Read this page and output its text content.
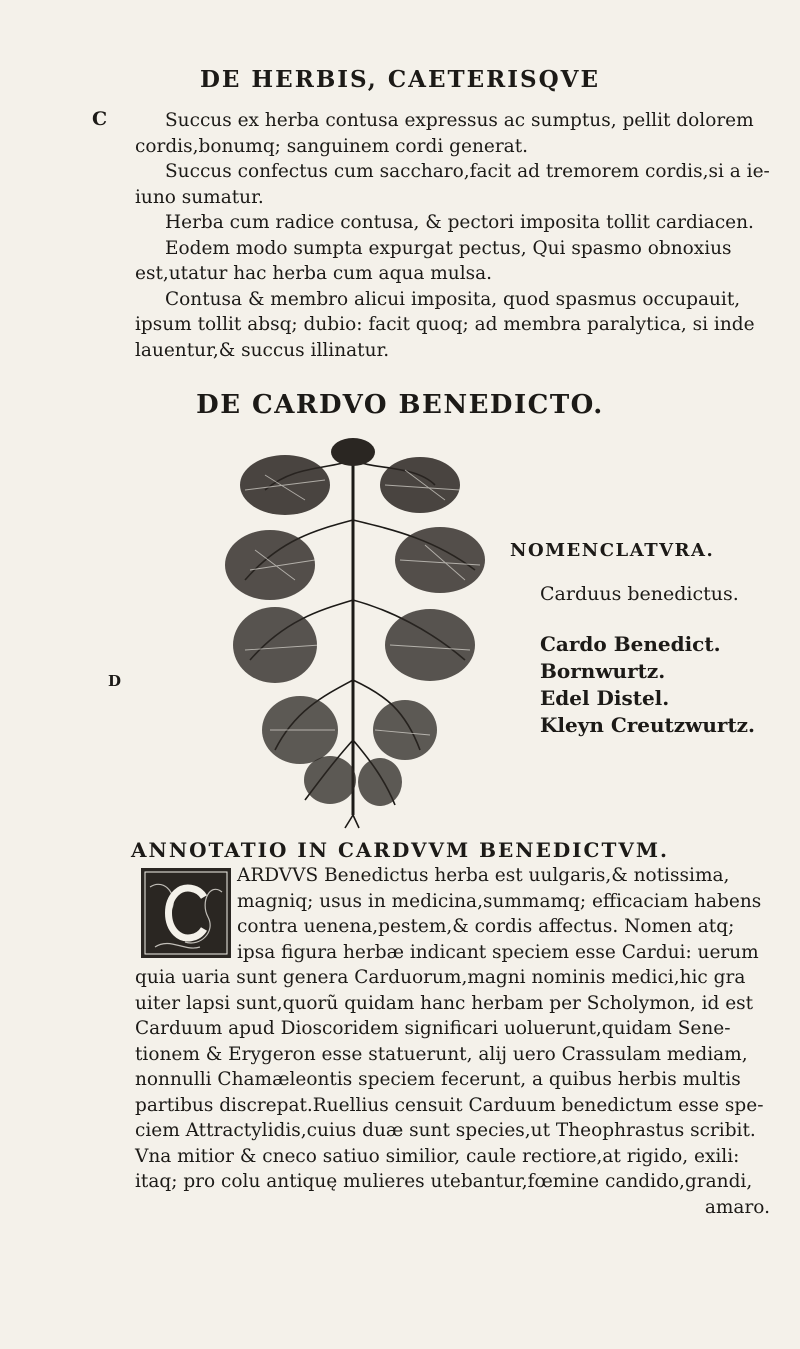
DE HERBIS, CAETERISQVE
C
D

Succus ex herba contusa expressus ac sumptus, pellit dolorem cordis,bonumq; sanguinem cordi generat.

Succus confectus cum saccharo,facit ad tremorem cordis,si a ie- iuno sumatur.

Herba cum radice contusa, & pectori imposita tollit cardiacen.

Eodem modo sumpta expurgat pectus, Qui spasmo obnoxius est,utatur hac herba cum aqua mulsa.

Contusa & membro alicui imposita, quod spasmus occupauit, ipsum tollit absq; dubio: facit quoq; ad membra paralytica, si inde lauentur,& succus illinatur.

DE CARDVO BENEDICTO.
NOMENCLATVRA.
Carduus benedictus.
Cardo Benedict.
Bornwurtz.
Edel Distel.
Kleyn Creutzwurtz.
ANNOTATIO IN CARDVVM BENEDICTVM.
ARDVVS Benedictus herba est uulgaris,& notissima,
magniq; usus in medicina,summamq; efficaciam habens
contra uenena,pestem,& cordis affectus. Nomen atq;
ipsa figura herbæ indicant speciem esse Cardui: uerum
quia uaria sunt genera Carduorum,magni nominis medici,hic gra
uiter lapsi sunt,quorũ quidam hanc herbam per Scholymon, id est
Carduum apud Dioscoridem significari uoluerunt,quidam Sene-
tionem & Erygeron esse statuerunt, alij uero Crassulam mediam,
nonnulli Chamæleontis speciem fecerunt, a quibus herbis multis
partibus discrepat.Ruellius censuit Carduum benedictum esse spe-
ciem Attractylidis,cuius duæ sunt species,ut Theophrastus scribit.
Vna mitior & cneco satiuo similior, caule rectiore,at rigido, exili:
itaq; pro colu antiquę mulieres utebantur,fœmine candido,grandi,
amaro.
